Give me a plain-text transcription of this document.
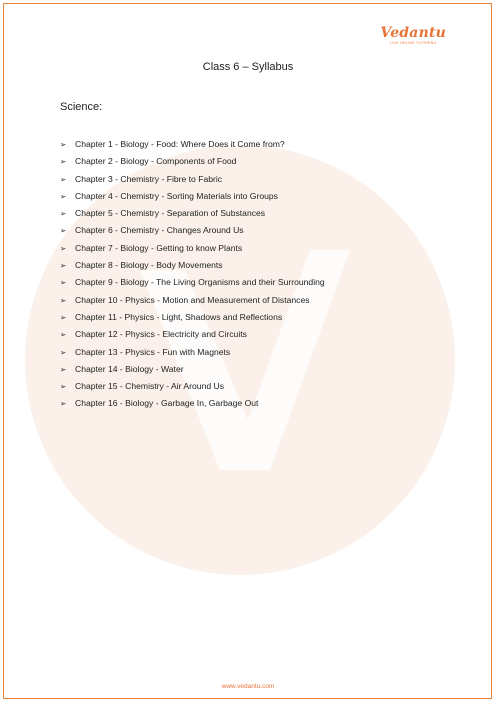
Vedantu
LIVE ONLINE TUTORING
Class 6 – Syllabus
Science:
➢	Chapter 1 - Biology - Food: Where Does it Come from?
➢	Chapter 2 - Biology - Components of Food
➢	Chapter 3 - Chemistry - Fibre to Fabric
➢	Chapter 4 - Chemistry - Sorting Materials into Groups
➢	Chapter 5 - Chemistry - Separation of Substances
➢	Chapter 6 - Chemistry - Changes Around Us
➢	Chapter 7 - Biology - Getting to know Plants
➢	Chapter 8 - Biology - Body Movements
➢	Chapter 9 - Biology - The Living Organisms and their Surrounding
➢	Chapter 10 - Physics - Motion and Measurement of Distances
➢	Chapter 11 - Physics - Light, Shadows and Reflections
➢	Chapter 12 - Physics - Electricity and Circuits
➢	Chapter 13 - Physics - Fun with Magnets
➢	Chapter 14 - Biology - Water
➢	Chapter 15 - Chemistry - Air Around Us
➢	Chapter 16 - Biology - Garbage In, Garbage Out
www.vedantu.com
